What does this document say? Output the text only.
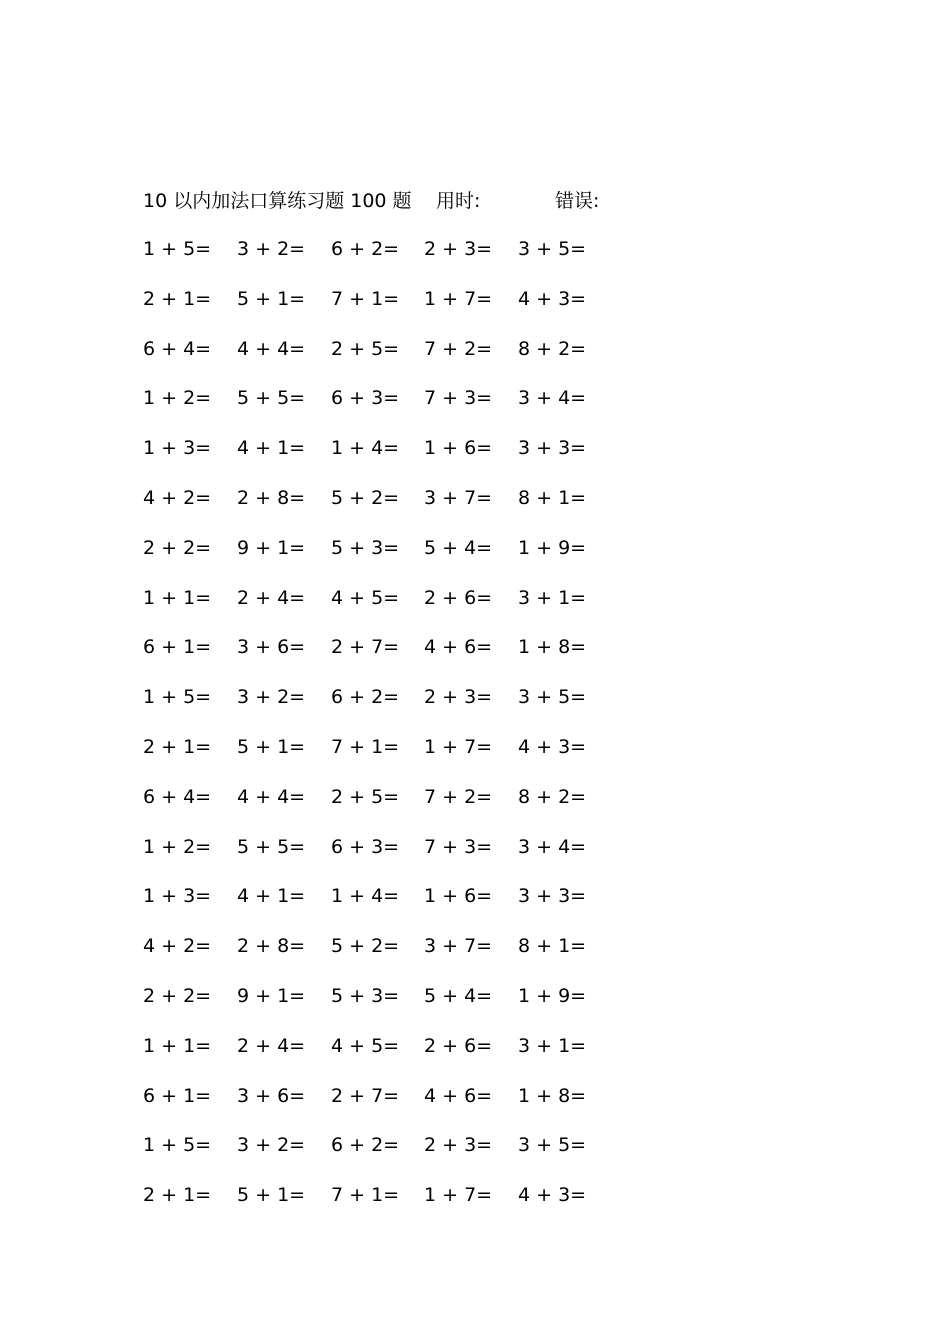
10 以内加法口算练习题 100 题 用时:	错误:
1 + 5= 3 + 2= 6 + 2= 2 + 3= 3 + 5=
2 + 1= 5 + 1= 7 + 1= 1 + 7= 4 + 3=
6 + 4= 4 + 4= 2 + 5= 7 + 2= 8 + 2=
1 + 2= 5 + 5= 6 + 3= 7 + 3= 3 + 4=
1 + 3= 4 + 1= 1 + 4= 1 + 6= 3 + 3=
4 + 2= 2 + 8= 5 + 2= 3 + 7= 8 + 1=
2 + 2= 9 + 1= 5 + 3= 5 + 4= 1 + 9=
1 + 1= 2 + 4= 4 + 5= 2 + 6= 3 + 1=
6 + 1= 3 + 6= 2 + 7= 4 + 6= 1 + 8=
1 + 5= 3 + 2= 6 + 2= 2 + 3= 3 + 5=
2 + 1= 5 + 1= 7 + 1= 1 + 7= 4 + 3=
6 + 4= 4 + 4= 2 + 5= 7 + 2= 8 + 2=
1 + 2= 5 + 5= 6 + 3= 7 + 3= 3 + 4=
1 + 3= 4 + 1= 1 + 4= 1 + 6= 3 + 3=
4 + 2= 2 + 8= 5 + 2= 3 + 7= 8 + 1=
2 + 2= 9 + 1= 5 + 3= 5 + 4= 1 + 9=
1 + 1= 2 + 4= 4 + 5= 2 + 6= 3 + 1=
6 + 1= 3 + 6= 2 + 7= 4 + 6= 1 + 8=
1 + 5= 3 + 2= 6 + 2= 2 + 3= 3 + 5=
2 + 1= 5 + 1= 7 + 1= 1 + 7= 4 + 3=
